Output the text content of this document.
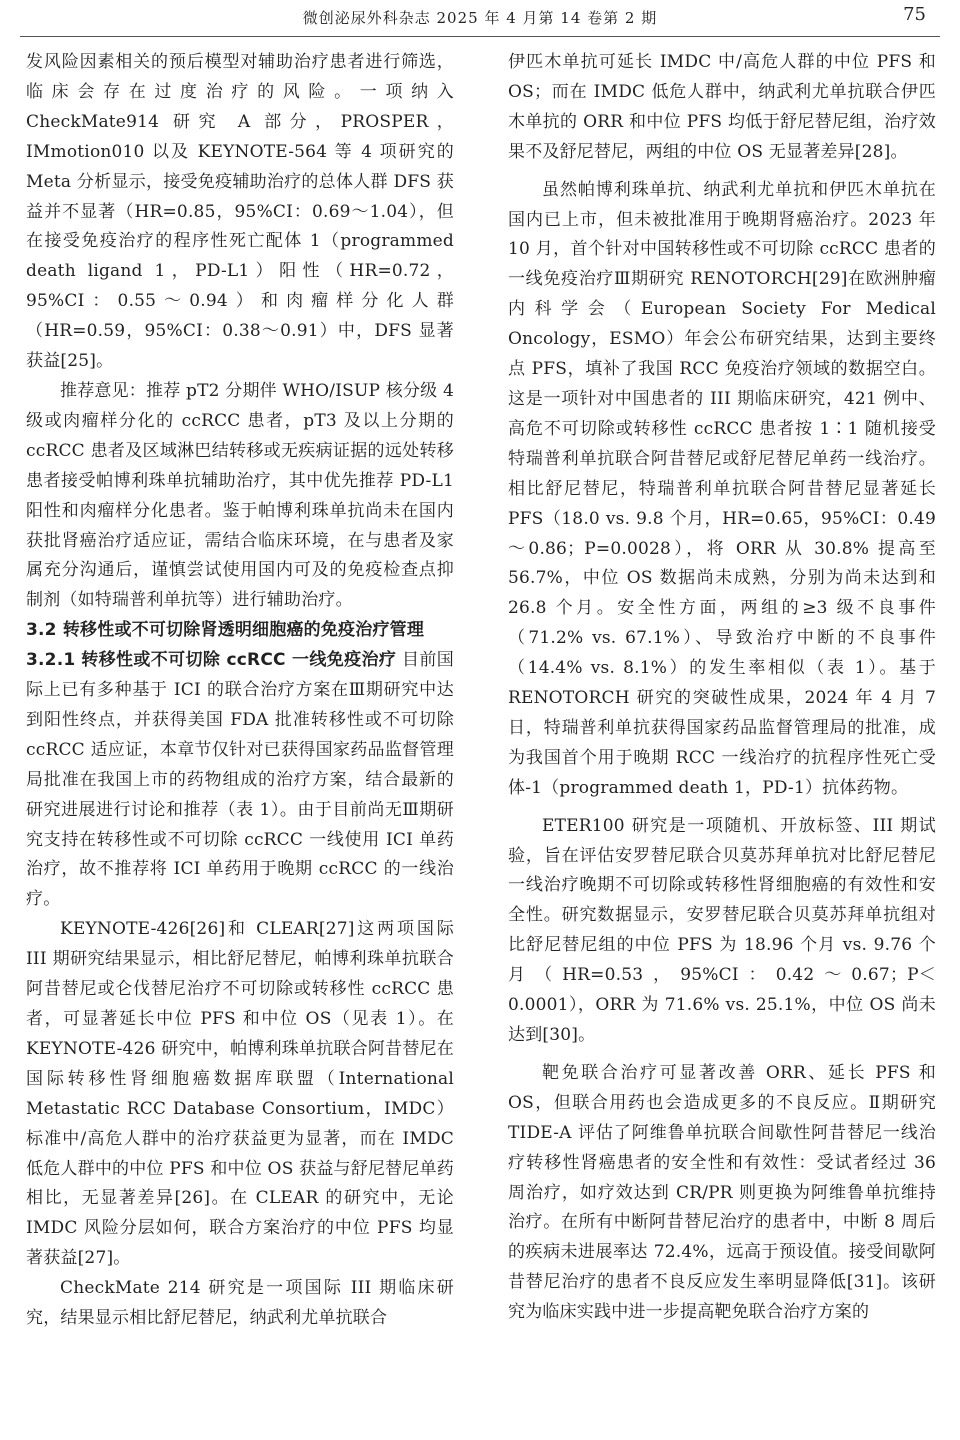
微创泌尿外科杂志 2025 年 4 月第 14 卷第 2 期	75

发风险因素相关的预后模型对辅助治疗患者进行筛选，临床会存在过度治疗的风险。一项纳入 CheckMate914 研究 A 部分，PROSPER，IMmotion010 以及 KEYNOTE-564 等 4 项研究的 Meta 分析显示，接受免疫辅助治疗的总体人群 DFS 获益并不显著（HR=0.85，95%CI：0.69～1.04），但在接受免疫治疗的程序性死亡配体 1（programmed death ligand 1，PD-L1）阳性（HR=0.72，95%CI：0.55～0.94）和肉瘤样分化人群（HR=0.59，95%CI：0.38～0.91）中，DFS 显著获益[25]。

推荐意见：推荐 pT2 分期伴 WHO/ISUP 核分级 4 级或肉瘤样分化的 ccRCC 患者，pT3 及以上分期的 ccRCC 患者及区域淋巴结转移或无疾病证据的远处转移患者接受帕博利珠单抗辅助治疗，其中优先推荐 PD-L1 阳性和肉瘤样分化患者。鉴于帕博利珠单抗尚未在国内获批肾癌治疗适应证，需结合临床环境，在与患者及家属充分沟通后，谨慎尝试使用国内可及的免疫检查点抑制剂（如特瑞普利单抗等）进行辅助治疗。

3.2 转移性或不可切除肾透明细胞癌的免疫治疗管理

3.2.1 转移性或不可切除 ccRCC 一线免疫治疗 目前国际上已有多种基于 ICI 的联合治疗方案在Ⅲ期研究中达到阳性终点，并获得美国 FDA 批准转移性或不可切除 ccRCC 适应证，本章节仅针对已获得国家药品监督管理局批准在我国上市的药物组成的治疗方案，结合最新的研究进展进行讨论和推荐（表 1）。由于目前尚无Ⅲ期研究支持在转移性或不可切除 ccRCC 一线使用 ICI 单药治疗，故不推荐将 ICI 单药用于晚期 ccRCC 的一线治疗。

KEYNOTE-426[26]和 CLEAR[27]这两项国际 III 期研究结果显示，相比舒尼替尼，帕博利珠单抗联合阿昔替尼或仑伐替尼治疗不可切除或转移性 ccRCC 患者，可显著延长中位 PFS 和中位 OS（见表 1）。在 KEYNOTE-426 研究中，帕博利珠单抗联合阿昔替尼在国际转移性肾细胞癌数据库联盟（International Metastatic RCC Database Consortium，IMDC）标准中/高危人群中的治疗获益更为显著，而在 IMDC 低危人群中的中位 PFS 和中位 OS 获益与舒尼替尼单药相比，无显著差异[26]。在 CLEAR 的研究中，无论 IMDC 风险分层如何，联合方案治疗的中位 PFS 均显著获益[27]。

CheckMate 214 研究是一项国际 III 期临床研究，结果显示相比舒尼替尼，纳武利尤单抗联合

伊匹木单抗可延长 IMDC 中/高危人群的中位 PFS 和 OS；而在 IMDC 低危人群中，纳武利尤单抗联合伊匹木单抗的 ORR 和中位 PFS 均低于舒尼替尼组，治疗效果不及舒尼替尼，两组的中位 OS 无显著差异[28]。

虽然帕博利珠单抗、纳武利尤单抗和伊匹木单抗在国内已上市，但未被批准用于晚期肾癌治疗。2023 年 10 月，首个针对中国转移性或不可切除 ccRCC 患者的一线免疫治疗Ⅲ期研究 RENOTORCH[29]在欧洲肿瘤内科学会（European Society For Medical Oncology，ESMO）年会公布研究结果，达到主要终点 PFS，填补了我国 RCC 免疫治疗领域的数据空白。这是一项针对中国患者的 III 期临床研究，421 例中、高危不可切除或转移性 ccRCC 患者按 1∶1 随机接受特瑞普利单抗联合阿昔替尼或舒尼替尼单药一线治疗。相比舒尼替尼，特瑞普利单抗联合阿昔替尼显著延长 PFS（18.0 vs. 9.8 个月，HR=0.65，95%CI：0.49～0.86；P=0.0028），将 ORR 从 30.8% 提高至 56.7%，中位 OS 数据尚未成熟，分别为尚未达到和 26.8 个月。安全性方面，两组的≥3 级不良事件（71.2% vs. 67.1%）、导致治疗中断的不良事件（14.4% vs. 8.1%）的发生率相似（表 1）。基于 RENOTORCH 研究的突破性成果，2024 年 4 月 7 日，特瑞普利单抗获得国家药品监督管理局的批准，成为我国首个用于晚期 RCC 一线治疗的抗程序性死亡受体-1（programmed death 1，PD-1）抗体药物。

ETER100 研究是一项随机、开放标签、III 期试验，旨在评估安罗替尼联合贝莫苏拜单抗对比舒尼替尼一线治疗晚期不可切除或转移性肾细胞癌的有效性和安全性。研究数据显示，安罗替尼联合贝莫苏拜单抗组对比舒尼替尼组的中位 PFS 为 18.96 个月 vs. 9.76 个月（HR=0.53，95%CI：0.42～0.67；P＜0.0001），ORR 为 71.6% vs. 25.1%，中位 OS 尚未达到[30]。

靶免联合治疗可显著改善 ORR、延长 PFS 和 OS，但联合用药也会造成更多的不良反应。Ⅱ期研究 TIDE-A 评估了阿维鲁单抗联合间歇性阿昔替尼一线治疗转移性肾癌患者的安全性和有效性：受试者经过 36 周治疗，如疗效达到 CR/PR 则更换为阿维鲁单抗维持治疗。在所有中断阿昔替尼治疗的患者中，中断 8 周后的疾病未进展率达 72.4%，远高于预设值。接受间歇阿昔替尼治疗的患者不良反应发生率明显降低[31]。该研究为临床实践中进一步提高靶免联合治疗方案的
